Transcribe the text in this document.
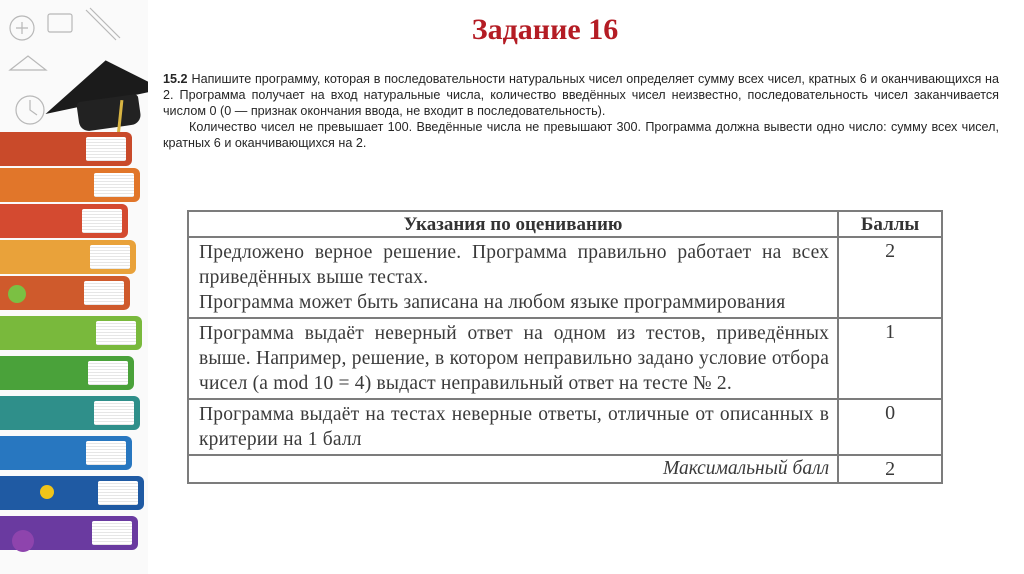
Задание 16

15.2 Напишите программу, которая в последовательности натуральных чисел определяет сумму всех чисел, кратных 6 и оканчивающихся на 2. Программа получает на вход натуральные числа, количество введённых чисел неизвестно, последовательность чисел заканчивается числом 0 (0 — признак окончания ввода, не входит в последовательность).

Количество чисел не превышает 100. Введённые числа не превышают 300. Программа должна вывести одно число: сумму всех чисел, кратных 6 и оканчивающихся на 2.

Указания по оцениванию	Баллы

Предложено верное решение. Программа правильно работает на всех приведённых выше тестах.
Программа может быть записана на любом языке программирования	2
Программа выдаёт неверный ответ на одном из тестов, приведённых выше. Например, решение, в котором неправильно задано условие отбора чисел (a mod 10 = 4) выдаст неправильный ответ на тесте № 2.	1
Программа выдаёт на тестах неверные ответы, отличные от описанных в критерии на 1 балл	0
Максимальный балл	2
